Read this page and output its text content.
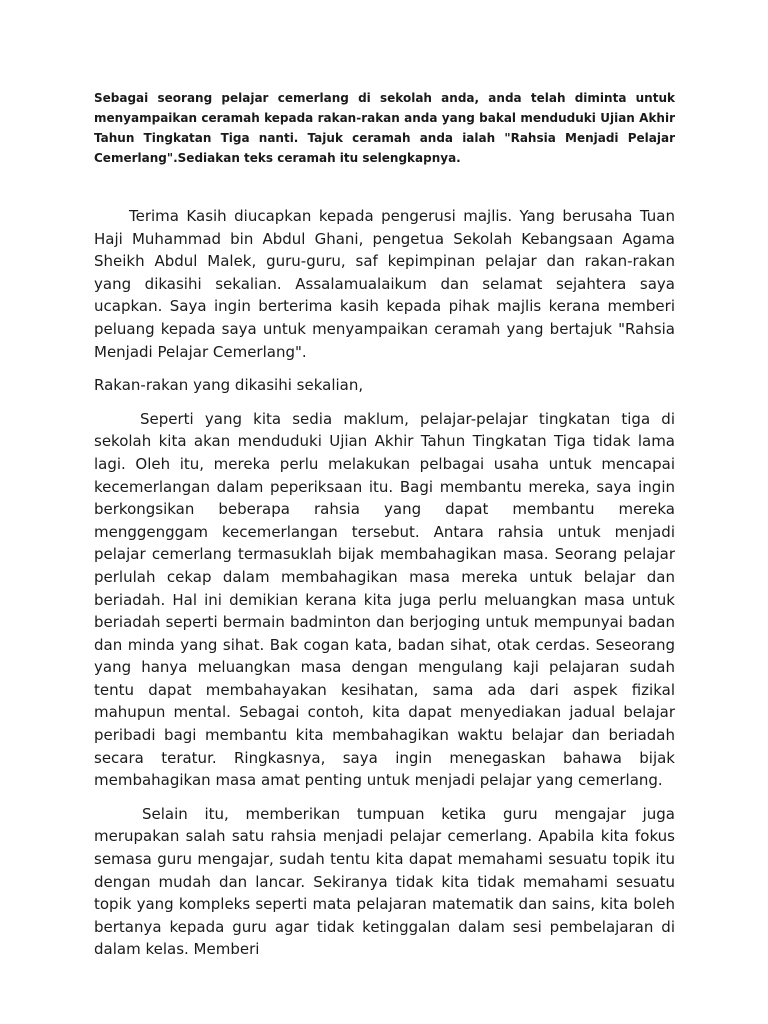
Sebagai seorang pelajar cemerlang di sekolah anda, anda telah diminta untuk menyampaikan ceramah kepada rakan-rakan anda yang bakal menduduki Ujian Akhir Tahun Tingkatan Tiga nanti. Tajuk ceramah anda ialah "Rahsia Menjadi Pelajar Cemerlang".Sediakan teks ceramah itu selengkapnya.

Terima Kasih diucapkan kepada pengerusi majlis. Yang berusaha Tuan Haji Muhammad bin Abdul Ghani, pengetua Sekolah Kebangsaan Agama Sheikh Abdul Malek, guru-guru, saf kepimpinan pelajar dan rakan-rakan yang dikasihi sekalian. Assalamualaikum dan selamat sejahtera saya ucapkan. Saya ingin berterima kasih kepada pihak majlis kerana memberi peluang kepada saya untuk menyampaikan ceramah yang bertajuk "Rahsia Menjadi Pelajar Cemerlang".

Rakan-rakan yang dikasihi sekalian,

Seperti yang kita sedia maklum, pelajar-pelajar tingkatan tiga di sekolah kita akan menduduki Ujian Akhir Tahun Tingkatan Tiga tidak lama lagi. Oleh itu, mereka perlu melakukan pelbagai usaha untuk mencapai kecemerlangan dalam peperiksaan itu. Bagi membantu mereka, saya ingin berkongsikan beberapa rahsia yang dapat membantu mereka menggenggam kecemerlangan tersebut. Antara rahsia untuk menjadi pelajar cemerlang termasuklah bijak membahagikan masa. Seorang pelajar perlulah cekap dalam membahagikan masa mereka untuk belajar dan beriadah. Hal ini demikian kerana kita juga perlu meluangkan masa untuk beriadah seperti bermain badminton dan berjoging untuk mempunyai badan dan minda yang sihat. Bak cogan kata, badan sihat, otak cerdas. Seseorang yang hanya meluangkan masa dengan mengulang kaji pelajaran sudah tentu dapat membahayakan kesihatan, sama ada dari aspek fizikal mahupun mental. Sebagai contoh, kita dapat menyediakan jadual belajar peribadi bagi membantu kita membahagikan waktu belajar dan beriadah secara teratur. Ringkasnya, saya ingin menegaskan bahawa bijak membahagikan masa amat penting untuk menjadi pelajar yang cemerlang.

Selain itu, memberikan tumpuan ketika guru mengajar juga merupakan salah satu rahsia menjadi pelajar cemerlang. Apabila kita fokus semasa guru mengajar, sudah tentu kita dapat memahami sesuatu topik itu dengan mudah dan lancar. Sekiranya tidak kita tidak memahami sesuatu topik yang kompleks seperti mata pelajaran matematik dan sains, kita boleh bertanya kepada guru agar tidak ketinggalan dalam sesi pembelajaran di dalam kelas. Memberi
